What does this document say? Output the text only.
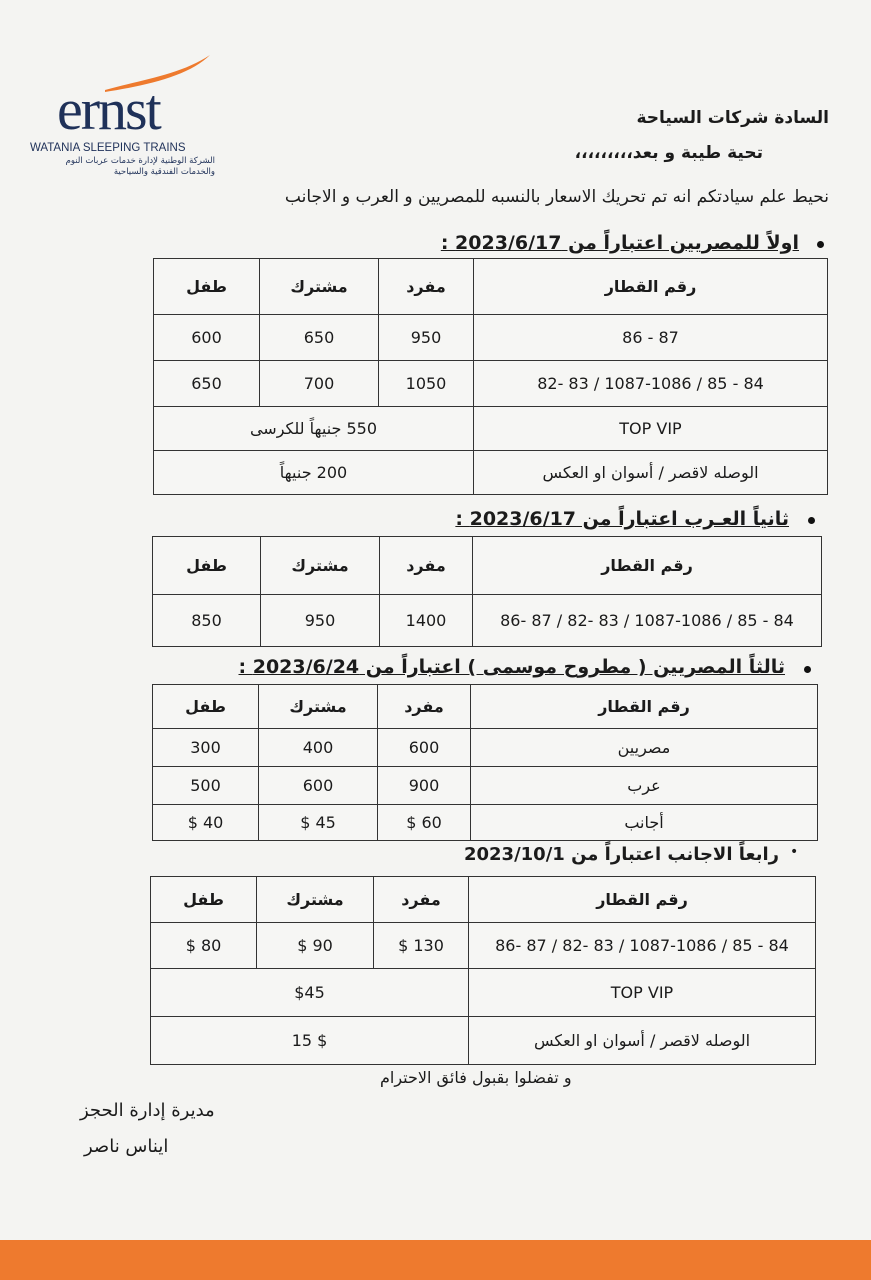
ernst
WATANIA SLEEPING TRAINS
الشركة الوطنية لإدارة خدمات عربات النوم والخدمات الفندقية والسياحية
السادة شركات السياحة
تحية طيبة و بعد،،،،،،،،،
نحيط علم سيادتكم انه تم تحريك الاسعار بالنسبه للمصريين و العرب و الاجانب
اولاً للمصريين اعتباراً من 2023/6/17 :
رقم القطار	مفرد	مشترك	طفل
87 - 86	950	650	600
84 - 85 / 1087-1086 / 83 -82	1050	700	650
TOP VIP	550 جنيهاً للكرسى		
الوصله لاقصر / أسوان او العكس	200 جنيهاً		
ثانياً العـرب اعتباراً من 2023/6/17 :
رقم القطار	مفرد	مشترك	طفل
84 - 85 / 1087-1086 / 83 -82 / 87 -86	1400	950	850
ثالثاً المصريين ( مطروح موسمى ) اعتباراً من 2023/6/24 :
رقم القطار	مفرد	مشترك	طفل
مصريين	600	400	300
عرب	900	600	500
أجانب	60 $	45 $	40 $
•
رابعاً الاجانب اعتباراً من 2023/10/1
رقم القطار	مفرد	مشترك	طفل
84 - 85 / 1087-1086 / 83 -82 / 87 -86	130 $	90 $	80 $
TOP VIP	$45		
الوصله لاقصر / أسوان او العكس	$ 15		
و تفضلوا بقبول فائق الاحترام
مديرة إدارة الحجز
ايناس ناصر
